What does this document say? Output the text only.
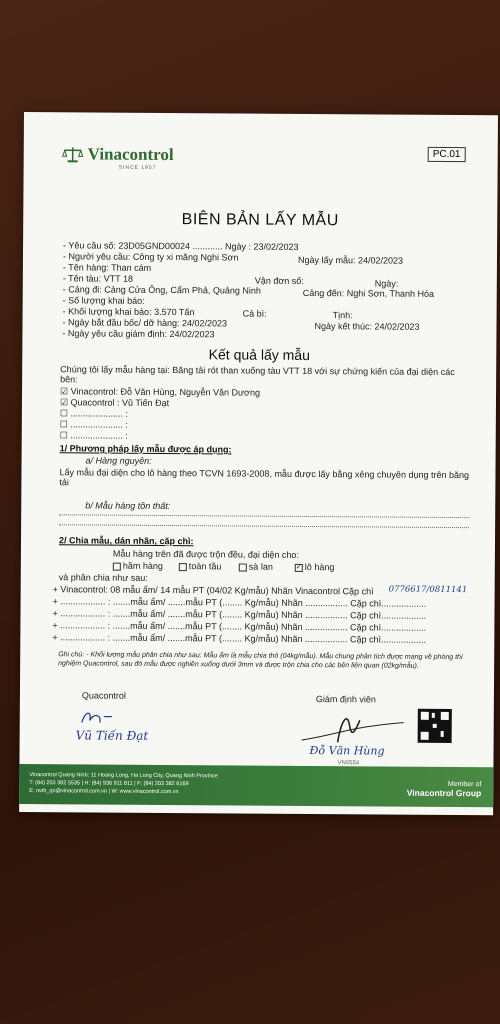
Vinacontrol
SINCE 1957
PC.01
BIÊN BẢN LẤY MẪU
- Yêu cầu số: 23D05GND00024 ............ Ngày : 23/02/2023
- Người yêu cầu: Công ty xi măng Nghi Sơn	Ngày lấy mẫu: 24/02/2023
- Tên hàng: Than cám
- Tên tàu: VTT 18	Vận đơn số:	Ngày:
- Cảng đi: Cảng Cửa Ông, Cẩm Phả, Quảng Ninh	Cảng đến: Nghi Sơn, Thanh Hóa
- Số lượng khai báo:
- Khối lượng khai báo: 3.570 Tấn	Cả bì:	Tịnh:
- Ngày bắt đầu bốc/ dỡ hàng: 24/02/2023	Ngày kết thúc: 24/02/2023
- Ngày yêu cầu giám định: 24/02/2023
Kết quả lấy mẫu
Chúng tôi lấy mẫu hàng tại: Băng tải rót than xuống tàu VTT 18 với sự chứng kiến của đại diện các bên:
☑ Vinacontrol: Đỗ Văn Hùng, Nguyễn Văn Dương
☑ Quacontrol : Vũ Tiến Đạt
☐ ..................... :
☐ ..................... :
☐ ..................... :
1/ Phương pháp lấy mẫu được áp dụng:
a/ Hàng nguyên:
Lấy mẫu đại diện cho lô hàng theo TCVN 1693-2008, mẫu được lấy bằng xẻng chuyên dụng trên băng tải
b/ Mẫu hàng tồn thất:
2/ Chia mẫu, dán nhãn, cặp chì:
Mẫu hàng trên đã được trộn đều, đại diện cho:
hầm hàng	toàn tầu	sà lan	✓ lô hàng
và phân chia như sau:
+ Vinacontrol: 08 mẫu ẩm/ 14 mẫu PT (04/02 Kg/mẫu) Nhãn Vinacontrol Cặp chì 0776617/0811141
+ .................. : .......mẫu ẩm/ .......mẫu PT (........ Kg/mẫu) Nhãn ................. Cặp chì..................
+ .................. : .......mẫu ẩm/ .......mẫu PT (........ Kg/mẫu) Nhãn ................. Cặp chì..................
+ .................. : .......mẫu ẩm/ .......mẫu PT (........ Kg/mẫu) Nhãn ................. Cặp chì..................
+ .................. : .......mẫu ẩm/ .......mẫu PT (........ Kg/mẫu) Nhãn ................. Cặp chì..................
Ghi chú: - Khối lượng mẫu phân chia như sau: Mẫu ẩm là mẫu chia thô (04kg/mẫu). Mẫu chung phân tích được mang về phòng thí nghiệm Quacontrol, sau đó mẫu được nghiền xuống dưới 3mm và được trộn chia cho các bên liên quan (02kg/mẫu).
Quacontrol	Giám định viên
Vũ Tiến Đạt
Đỗ Văn Hùng
VN0554
Vinacontrol Quang Ninh: 11 Hoang Long, Ha Long City, Quang Ninh Province
T: (84) 203 382 5535 | H: (84) 936 911 811 | F: (84) 203 382 6169
E: nvth_qn@vinacontrol.com.vn | W: www.vinacontrol.com.vn
Member of
Vinacontrol Group
